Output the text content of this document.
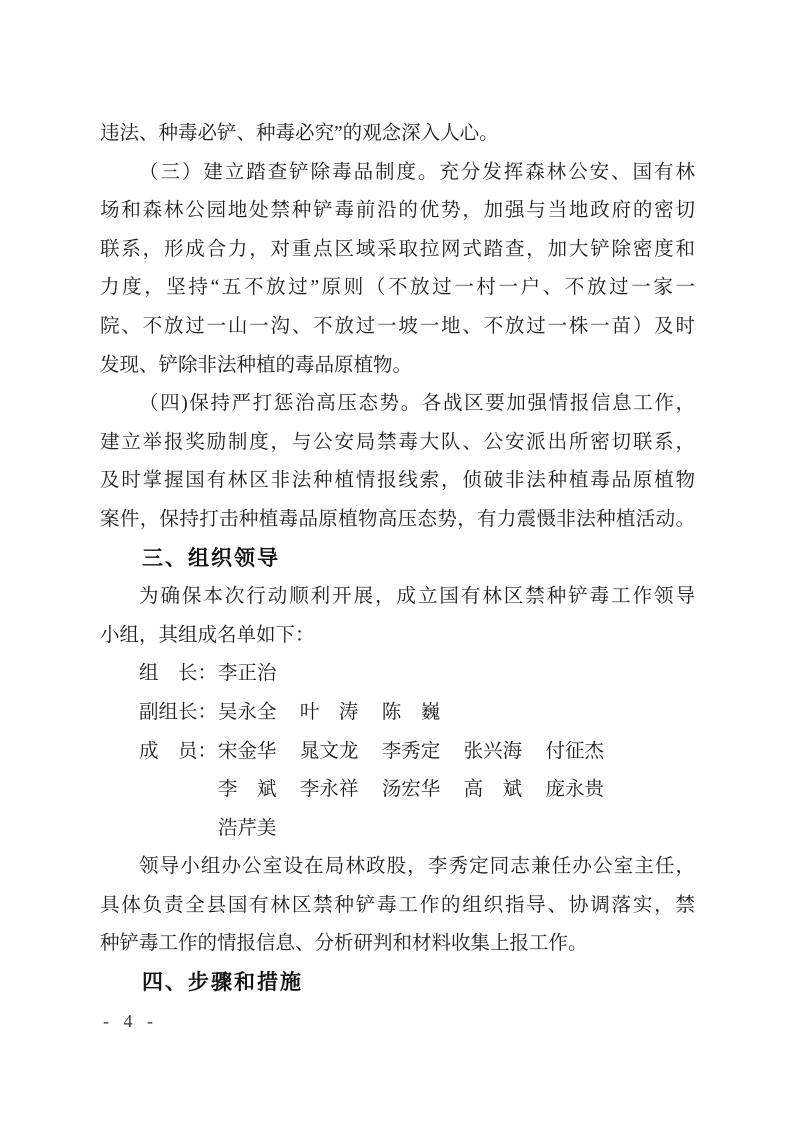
违法、种毒必铲、种毒必究”的观念深入人心。
（三）建立踏查铲除毒品制度。充分发挥森林公安、国有林
场和森林公园地处禁种铲毒前沿的优势，加强与当地政府的密切
联系，形成合力，对重点区域采取拉网式踏查，加大铲除密度和
力度，坚持“五不放过”原则（不放过一村一户、不放过一家一
院、不放过一山一沟、不放过一坡一地、不放过一株一苗）及时
发现、铲除非法种植的毒品原植物。
（四)保持严打惩治高压态势。各战区要加强情报信息工作，
建立举报奖励制度，与公安局禁毒大队、公安派出所密切联系，
及时掌握国有林区非法种植情报线索，侦破非法种植毒品原植物
案件，保持打击种植毒品原植物高压态势，有力震慑非法种植活动。
三、组织领导
为确保本次行动顺利开展，成立国有林区禁种铲毒工作领导
小组，其组成名单如下：
组　长： 李正治
副组长： 吴永全 叶　涛 陈　巍
成　员： 宋金华 晁文龙 李秀定 张兴海 付征杰
李　斌 李永祥 汤宏华 高　斌 庞永贵
浩芹美
领导小组办公室设在局林政股，李秀定同志兼任办公室主任，
具体负责全县国有林区禁种铲毒工作的组织指导、协调落实，禁
种铲毒工作的情报信息、分析研判和材料收集上报工作。
四、步骤和措施
- 4 -
